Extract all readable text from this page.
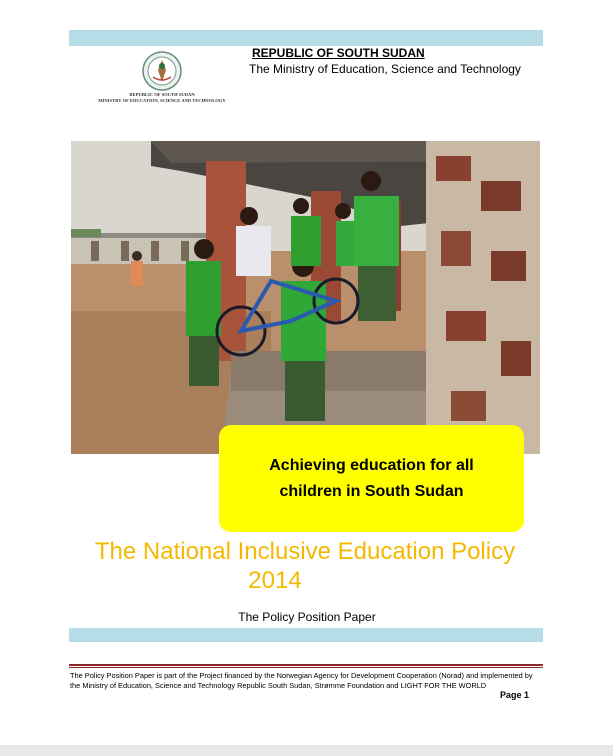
REPUBLIC OF SOUTH SUDAN
MINISTRY OF EDUCATION, SCIENCE AND TECHNOLOGY
REPUBLIC OF SOUTH SUDAN
The Ministry of Education, Science and Technology
Achieving education for all children in South Sudan
The National Inclusive Education Policy
2014
The Policy Position Paper
The Policy Position Paper is part of the Project financed by the Norwegian Agency for Development Cooperation (Norad) and implemented by the Ministry of Education, Science and Technology Republic South Sudan, Strømme Foundation and LIGHT FOR THE WORLD
Page 1
